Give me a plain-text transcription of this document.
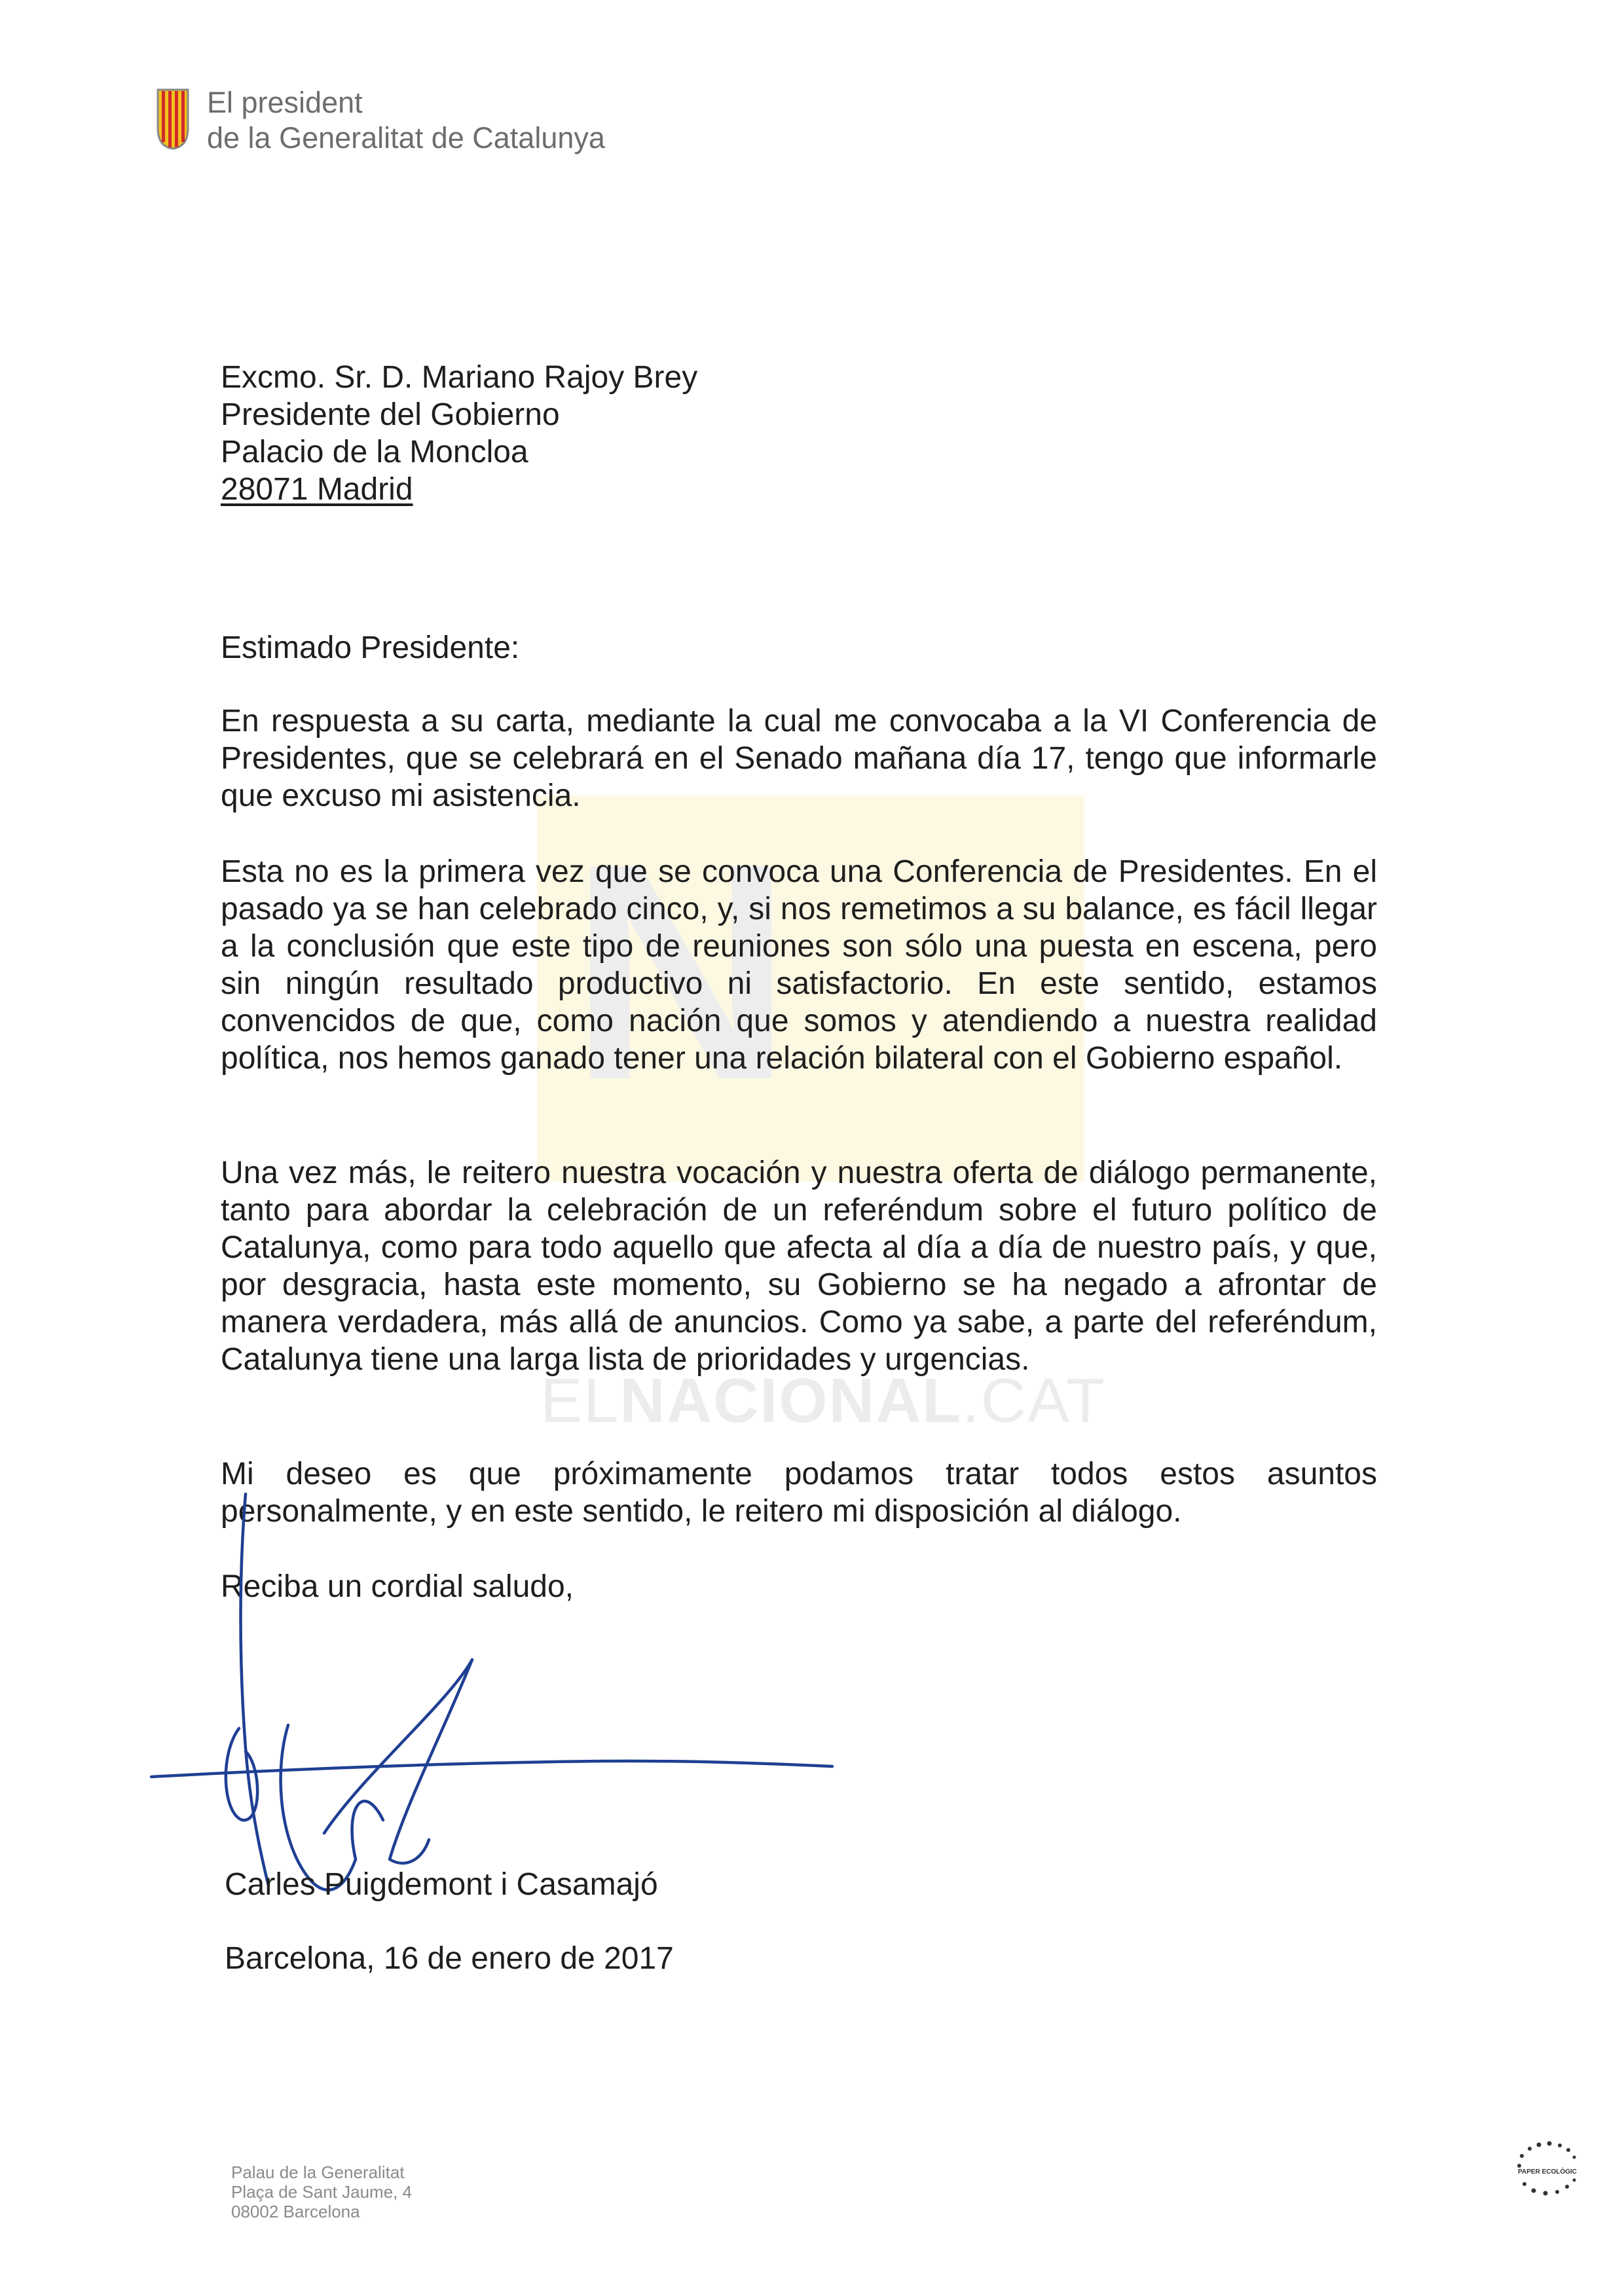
N
ELNACIONAL.CAT
El president
de la Generalitat de Catalunya
Excmo. Sr. D. Mariano Rajoy Brey
Presidente del Gobierno
Palacio de la Moncloa
28071 Madrid
Estimado Presidente:
En respuesta a su carta, mediante la cual me convocaba a la VI Conferencia de Presidentes, que se celebrará en el Senado mañana día 17, tengo que informarle que excuso mi asistencia.
Esta no es la primera vez que se convoca una Conferencia de Presidentes. En el pasado ya se han celebrado cinco, y, si nos remetimos a su balance, es fácil llegar a la conclusión que este tipo de reuniones son sólo una puesta en escena, pero sin ningún resultado productivo ni satisfactorio. En este sentido, estamos convencidos de que, como nación que somos y atendiendo a nuestra realidad política, nos hemos ganado tener una relación bilateral con el Gobierno español.
Una vez más, le reitero nuestra vocación y nuestra oferta de diálogo permanente, tanto para abordar la celebración de un referéndum sobre el futuro político de Catalunya, como para todo aquello que afecta al día a día de nuestro país, y que, por desgracia, hasta este momento, su Gobierno se ha negado a afrontar de manera verdadera, más allá de anuncios. Como ya sabe, a parte del referéndum, Catalunya tiene una larga lista de prioridades y urgencias.
Mi deseo es que próximamente podamos tratar todos estos asuntos personalmente, y en este sentido, le reitero mi disposición al diálogo.
Reciba un cordial saludo,
Carles Puigdemont i Casamajó
Barcelona, 16 de enero de 2017
Palau de la Generalitat
Plaça de Sant Jaume, 4
08002 Barcelona
PAPER ECOLÒGIC
